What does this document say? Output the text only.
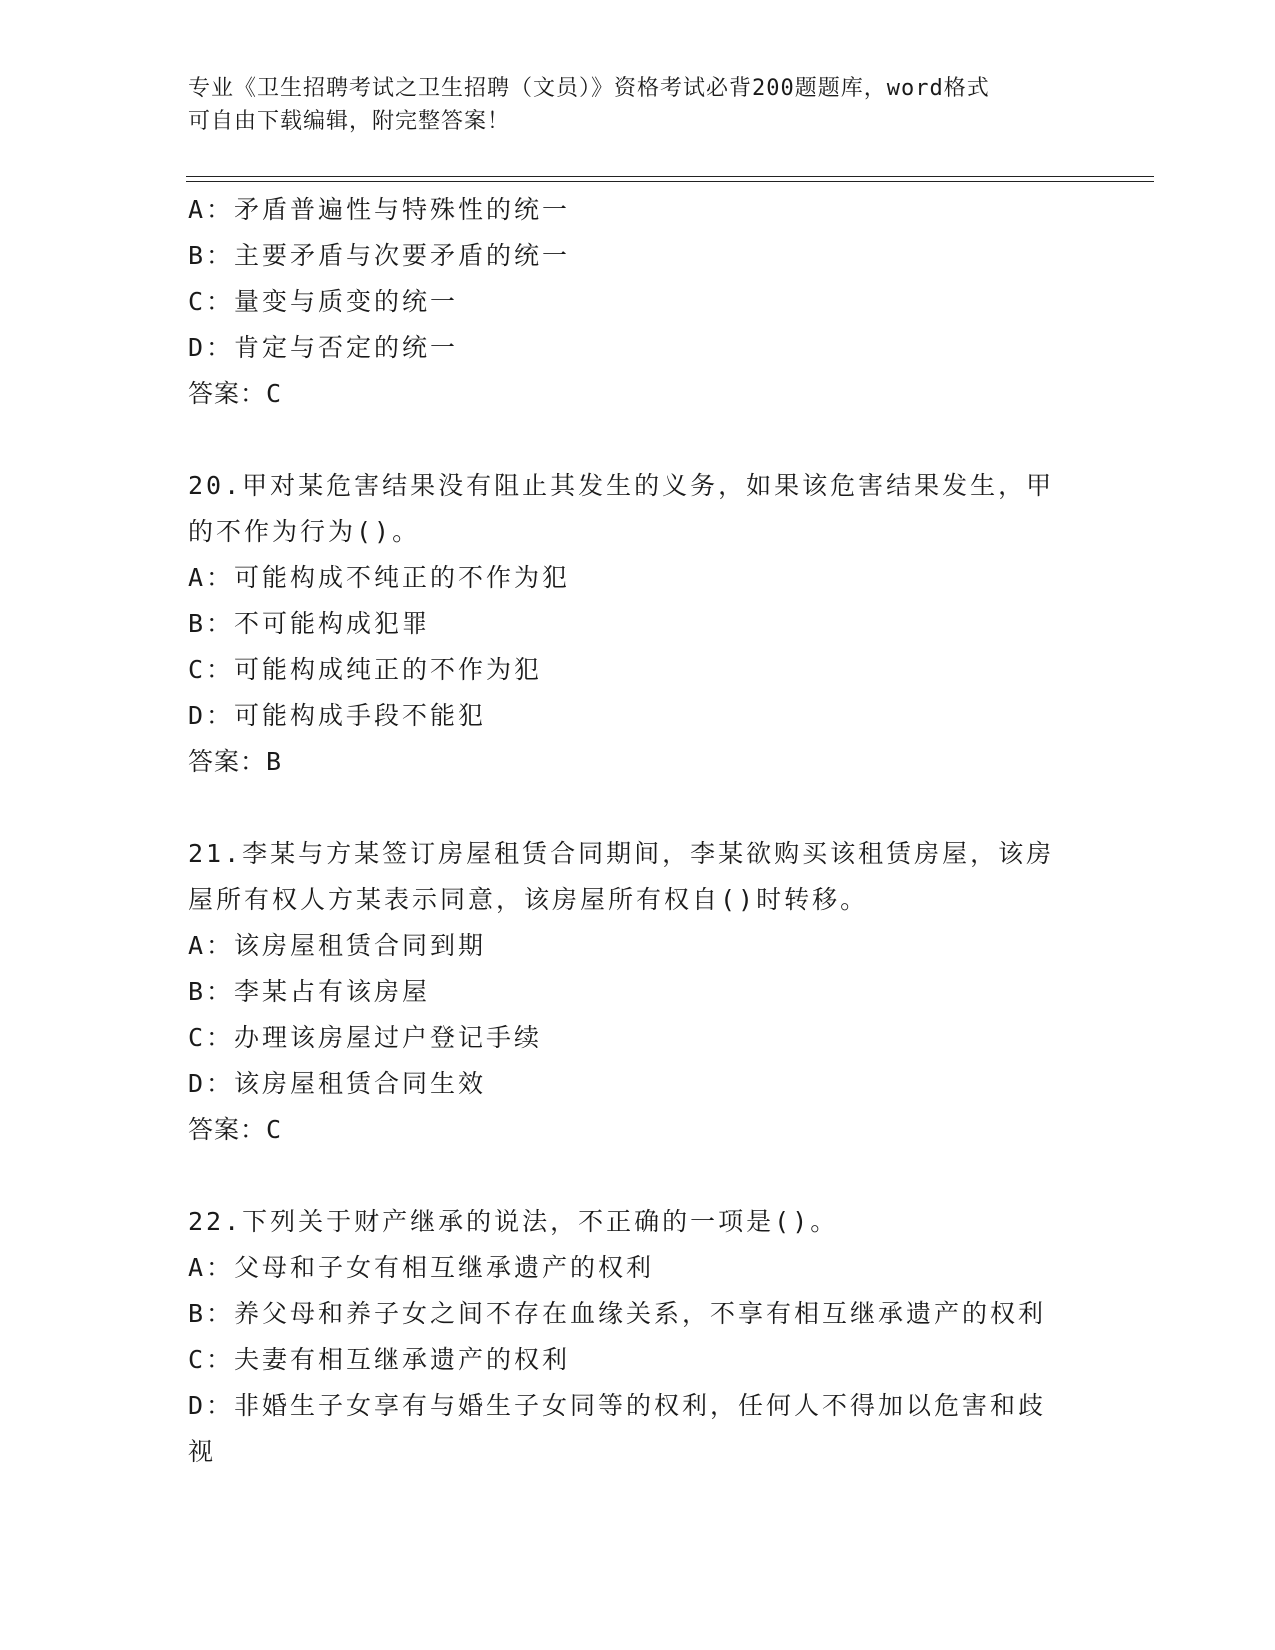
专业《卫生招聘考试之卫生招聘（文员）》资格考试必背200题题库，word格式
可自由下载编辑，附完整答案！
A：矛盾普遍性与特殊性的统一
B：主要矛盾与次要矛盾的统一
C：量变与质变的统一
D：肯定与否定的统一
答案：C
20.甲对某危害结果没有阻止其发生的义务，如果该危害结果发生，甲
的不作为行为()。
A：可能构成不纯正的不作为犯
B：不可能构成犯罪
C：可能构成纯正的不作为犯
D：可能构成手段不能犯
答案：B
21.李某与方某签订房屋租赁合同期间，李某欲购买该租赁房屋，该房
屋所有权人方某表示同意，该房屋所有权自()时转移。
A：该房屋租赁合同到期
B：李某占有该房屋
C：办理该房屋过户登记手续
D：该房屋租赁合同生效
答案：C
22.下列关于财产继承的说法，不正确的一项是()。
A：父母和子女有相互继承遗产的权利
B：养父母和养子女之间不存在血缘关系，不享有相互继承遗产的权利
C：夫妻有相互继承遗产的权利
D：非婚生子女享有与婚生子女同等的权利，任何人不得加以危害和歧
视
